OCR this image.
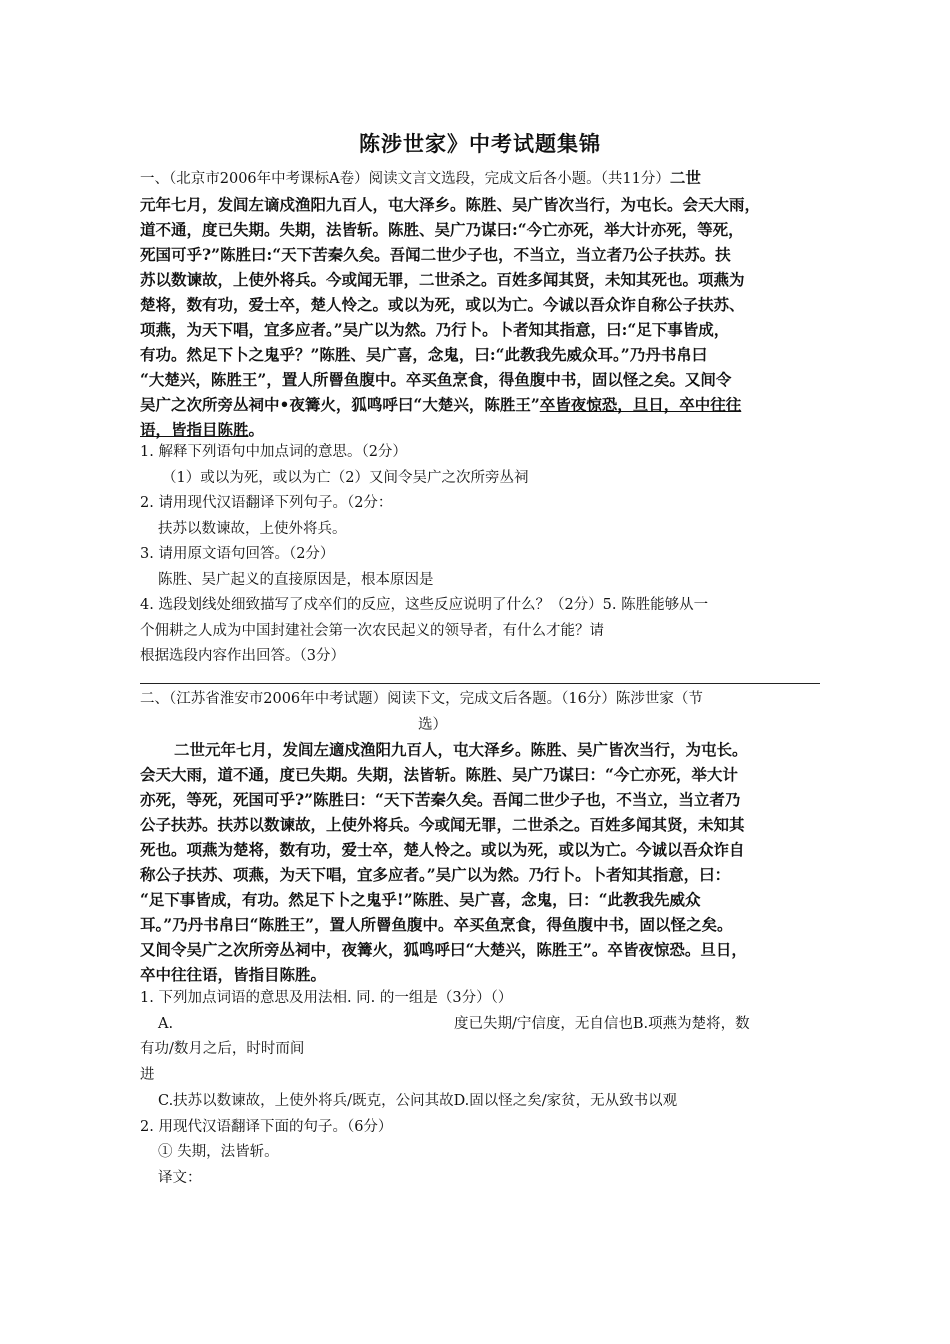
陈涉世家》中考试题集锦
一、（北京市2006年中考课标A卷）阅读文言文选段，完成文后各小题。（共11分）二世
元年七月，发闾左谪戍渔阳九百人，屯大泽乡。陈胜、吴广皆次当行，为屯长。会天大雨，
道不通，度已失期。失期，法皆斩。陈胜、吴广乃谋曰:“今亡亦死，举大计亦死，等死，
死国可乎?”陈胜曰:“天下苦秦久矣。吾闻二世少子也，不当立，当立者乃公子扶苏。扶
苏以数谏故，上使外将兵。今或闻无罪，二世杀之。百姓多闻其贤，未知其死也。项燕为
楚将，数有功，爱士卒，楚人怜之。或以为死，或以为亡。今诚以吾众诈自称公子扶苏、
项燕，为天下唱，宜多应者。”吴广以为然。乃行卜。卜者知其指意，曰:“足下事皆成，
有功。然足下卜之鬼乎？”陈胜、吴广喜，念鬼，曰:“此教我先威众耳。”乃丹书帛曰
“大楚兴，陈胜王”，置人所罾鱼腹中。卒买鱼烹食，得鱼腹中书，固以怪之矣。又间令
吴广之次所旁丛祠中•夜篝火，狐鸣呼曰“大楚兴，陈胜王”卒皆夜惊恐，旦日，卒中往往
语，皆指目陈胜。
1. 解释下列语句中加点词的意思。（2分）
（1）或以为死，或以为亡（2）又间令吴广之次所旁丛祠
2. 请用现代汉语翻译下列句子。（2分：
扶苏以数谏故，上使外将兵。
3. 请用原文语句回答。（2分）
陈胜、吴广起义的直接原因是，根本原因是
4. 选段划线处细致描写了戍卒们的反应，这些反应说明了什么？（2分）5. 陈胜能够从一
个佣耕之人成为中国封建社会第一次农民起义的领导者，有什么才能？请
根据选段内容作出回答。（3分）
二、（江苏省淮安市2006年中考试题）阅读下文，完成文后各题。（16分）陈涉世家（节
选）
二世元年七月，发闾左適戍渔阳九百人，屯大泽乡。陈胜、吴广皆次当行，为屯长。
会天大雨，道不通，度已失期。失期，法皆斩。陈胜、吴广乃谋曰：“今亡亦死，举大计
亦死，等死，死国可乎?”陈胜曰：“天下苦秦久矣。吾闻二世少子也，不当立，当立者乃
公子扶苏。扶苏以数谏故，上使外将兵。今或闻无罪，二世杀之。百姓多闻其贤，未知其
死也。项燕为楚将，数有功，爱士卒，楚人怜之。或以为死，或以为亡。今诚以吾众诈自
称公子扶苏、项燕，为天下唱，宜多应者。”吴广以为然。乃行卜。卜者知其指意，曰：
“足下事皆成，有功。然足下卜之鬼乎!”陈胜、吴广喜，念鬼，曰：“此教我先威众
耳。”乃丹书帛曰“陈胜王”，置人所罾鱼腹中。卒买鱼烹食，得鱼腹中书，固以怪之矣。
又间令吴广之次所旁丛祠中，夜篝火，狐鸣呼曰“大楚兴，陈胜王”。卒皆夜惊恐。旦日，
卒中往往语，皆指目陈胜。
1. 下列加点词语的意思及用法相. 同. 的一组是（3分）（）
A.	度已失期/宁信度，无自信也B.项燕为楚将，数
有功/数月之后，时时而间
进
C.扶苏以数谏故，上使外将兵/既克，公问其故D.固以怪之矣/家贫，无从致书以观
2. 用现代汉语翻译下面的句子。（6分）
① 失期，法皆斩。
译文：
